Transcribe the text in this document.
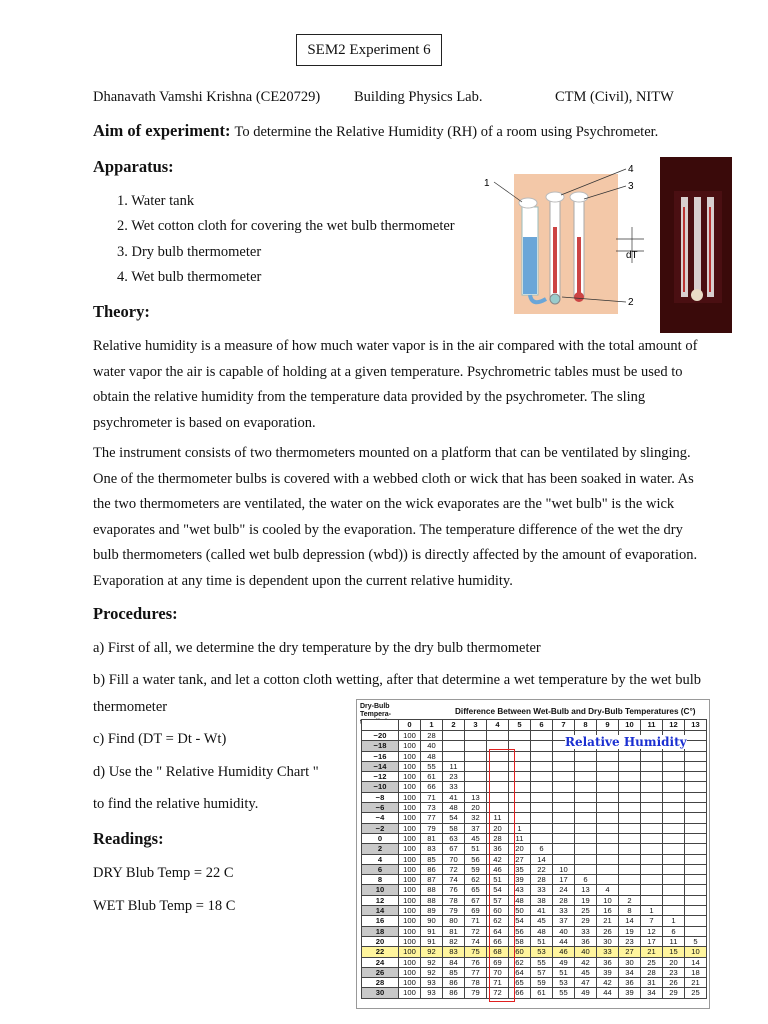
SEM2 Experiment 6
Dhanavath Vamshi Krishna (CE20729) Building Physics Lab.	CTM (Civil), NITW
Aim of experiment: To determine the Relative Humidity (RH) of a room using Psychrometer.
Apparatus:
1. Water tank
2. Wet cotton cloth for covering the wet bulb thermometer
3. Dry bulb thermometer
4. Wet bulb thermometer
1
4
3
dT
2
Theory:
Relative humidity is a measure of how much water vapor is in the air compared with the total amount of
water vapor the air is capable of holding at a given temperature. Psychrometric tables must be used to
obtain the relative humidity from the temperature data provided by the psychrometer. The sling
psychrometer is based on evaporation.
The instrument consists of two thermometers mounted on a platform that can be ventilated by slinging.
One of the thermometer bulbs is covered with a webbed cloth or wick that has been soaked in water. As
the two thermometers are ventilated, the water on the wick evaporates are the "wet bulb" is the wick
evaporates and "wet bulb" is cooled by the evaporation. The temperature difference of the wet the dry
bulb thermometers (called wet bulb depression (wbd)) is directly affected by the amount of evaporation.
Evaporation at any time is dependent upon the current relative humidity.
Procedures:
a) First of all, we determine the dry temperature by the dry bulb thermometer
b) Fill a water tank, and let a cotton cloth wetting, after that determine a wet temperature by the wet bulb
thermometer
c) Find (DT = Dt - Wt)
d) Use the " Relative Humidity Chart "
to find the relative humidity.
Readings:
DRY Blub Temp = 22 C
WET Blub Temp = 18 C
Dry-Bulb Tempera-	Difference Between Wet-Bulb and Dry-Bulb Temperatures (C°)
	0	1	2	3	4	5	6	7	8	9	10	11	12	13
−20	100	28												
−18	100	40												
−16	100	48												
−14	100	55	11											
−12	100	61	23											
−10	100	66	33											
−8	100	71	41	13										
−6	100	73	48	20										
−4	100	77	54	32	11									
−2	100	79	58	37	20	1								
0	100	81	63	45	28	11								
2	100	83	67	51	36	20	6							
4	100	85	70	56	42	27	14							
6	100	86	72	59	46	35	22	10						
8	100	87	74	62	51	39	28	17	6					
10	100	88	76	65	54	43	33	24	13	4				
12	100	88	78	67	57	48	38	28	19	10	2			
14	100	89	79	69	60	50	41	33	25	16	8	1		
16	100	90	80	71	62	54	45	37	29	21	14	7	1	
18	100	91	81	72	64	56	48	40	33	26	19	12	6	
20	100	91	82	74	66	58	51	44	36	30	23	17	11	5
22	100	92	83	75	68	60	53	46	40	33	27	21	15	10
24	100	92	84	76	69	62	55	49	42	36	30	25	20	14
26	100	92	85	77	70	64	57	51	45	39	34	28	23	18
28	100	93	86	78	71	65	59	53	47	42	36	31	26	21
30	100	93	86	79	72	66	61	55	49	44	39	34	29	25
Relative Humidity
